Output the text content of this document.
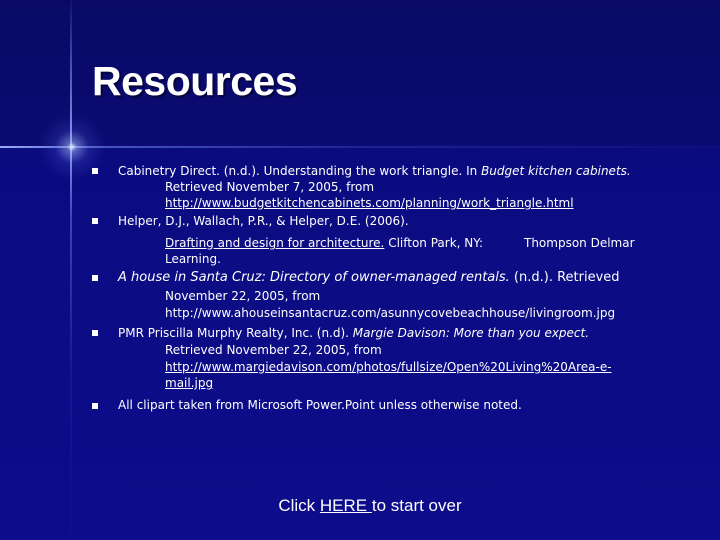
Resources
Cabinetry Direct. (n.d.). Understanding the work triangle. In Budget kitchen cabinets.
Retrieved November 7, 2005, from
http://www.budgetkitchencabinets.com/planning/work_triangle.html
Helper, D.J., Wallach, P.R., & Helper, D.E. (2006).
Drafting and design for architecture. Clifton Park, NY:	Thompson Delmar
Learning.
A house in Santa Cruz: Directory of owner-managed rentals. (n.d.). Retrieved
November 22, 2005, from
http://www.ahouseinsantacruz.com/asunnycovebeachhouse/livingroom.jpg
PMR Priscilla Murphy Realty, Inc. (n.d). Margie Davison: More than you expect.
Retrieved November 22, 2005, from
http://www.margiedavison.com/photos/fullsize/Open%20Living%20Area-e-
mail.jpg
All clipart taken from Microsoft Power.Point unless otherwise noted.
Click HERE to start over
